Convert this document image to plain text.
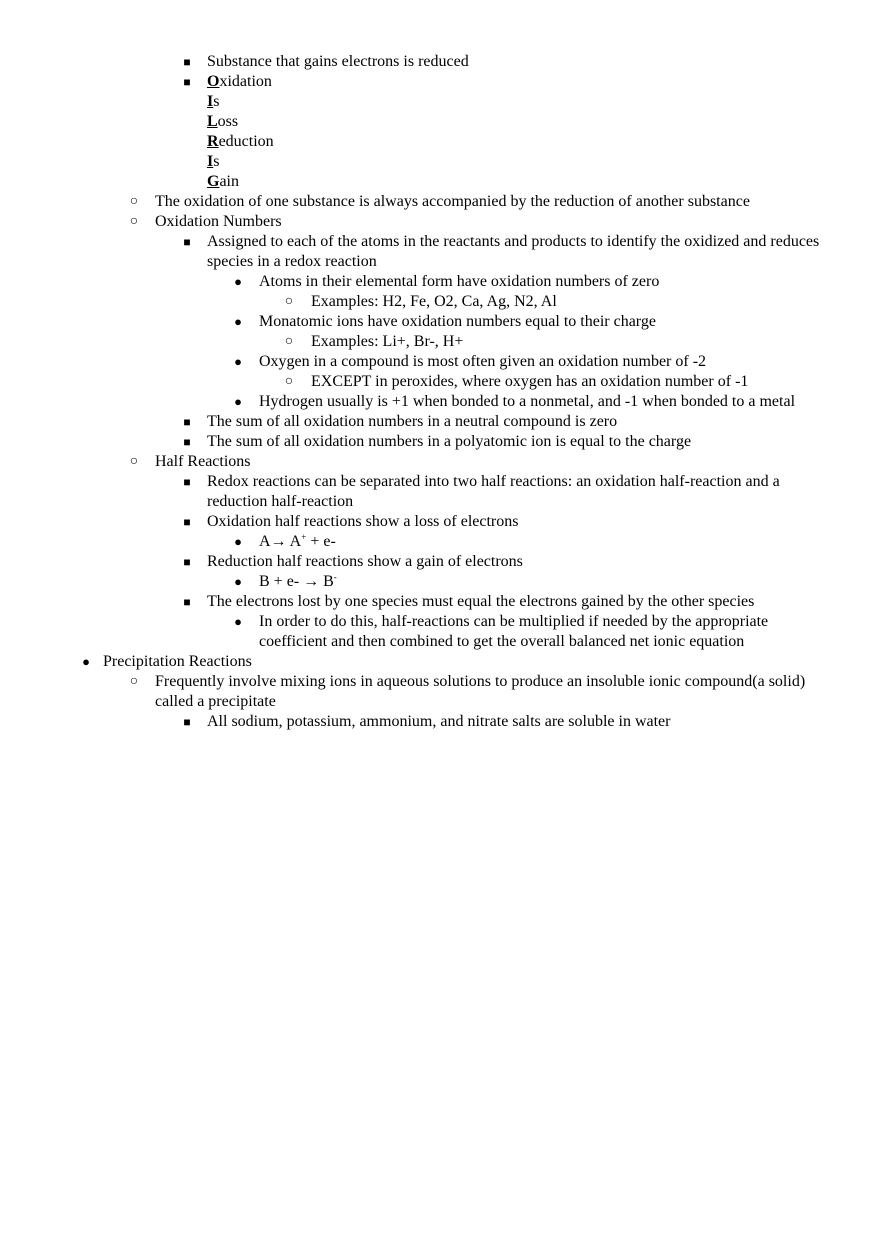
■	Substance that gains electrons is reduced
■	Oxidation
Is
Loss
Reduction
Is
Gain
○	The oxidation of one substance is always accompanied by the reduction of another substance
○	Oxidation Numbers
■	Assigned to each of the atoms in the reactants and products to identify the oxidized and reduces species in a redox reaction
●	Atoms in their elemental form have oxidation numbers of zero
○	Examples: H2, Fe, O2, Ca, Ag, N2, Al
●	Monatomic ions have oxidation numbers equal to their charge
○	Examples: Li+, Br-, H+
●	Oxygen in a compound is most often given an oxidation number of -2
○	EXCEPT in peroxides, where oxygen has an oxidation number of -1
●	Hydrogen usually is +1 when bonded to a nonmetal, and -1 when bonded to a metal
■	The sum of all oxidation numbers in a neutral compound is zero
■	The sum of all oxidation numbers in a polyatomic ion is equal to the charge
○	Half Reactions
■	Redox reactions can be separated into two half reactions: an oxidation half-reaction and a reduction half-reaction
■	Oxidation half reactions show a loss of electrons
●	A→ A+ + e-
■	Reduction half reactions show a gain of electrons
●	B + e- → B-
■	The electrons lost by one species must equal the electrons gained by the other species
●	In order to do this, half-reactions can be multiplied if needed by the appropriate coefficient and then combined to get the overall balanced net ionic equation
● Precipitation Reactions
○	Frequently involve mixing ions in aqueous solutions to produce an insoluble ionic compound(a solid) called a precipitate
■	All sodium, potassium, ammonium, and nitrate salts are soluble in water
